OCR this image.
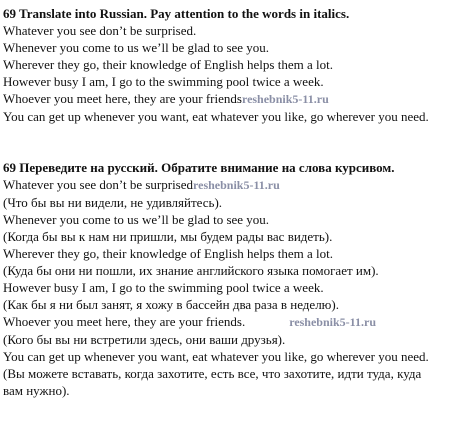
69 Translate into Russian. Pay attention to the words in italics.
Whatever you see don’t be surprised.
Whenever you come to us we’ll be glad to see you.
Wherever they go, their knowledge of English helps them a lot.
However busy I am, I go to the swimming pool twice a week.
Whoever you meet here, they are your friendsreshebnik5-11.ru
You can get up whenever you want, eat whatever you like, go wherever you need.
69 Переведите на русский. Обратите внимание на слова курсивом.
Whatever you see don’t be surprisedreshebnik5-11.ru
(Что бы вы ни видели, не удивляйтесь).
Whenever you come to us we’ll be glad to see you.
(Когда бы вы к нам ни пришли, мы будем рады вас видеть).
Wherever they go, their knowledge of English helps them a lot.
(Куда бы они ни пошли, их знание английского языка помогает им).
However busy I am, I go to the swimming pool twice a week.
(Как бы я ни был занят, я хожу в бассейн два раза в неделю).
Whoever you meet here, they are your friends.	reshebnik5-11.ru
(Кого бы вы ни встретили здесь, они ваши друзья).
You can get up whenever you want, eat whatever you like, go wherever you need.
(Вы можете вставать, когда захотите, есть все, что захотите, идти туда, куда
вам нужно).
